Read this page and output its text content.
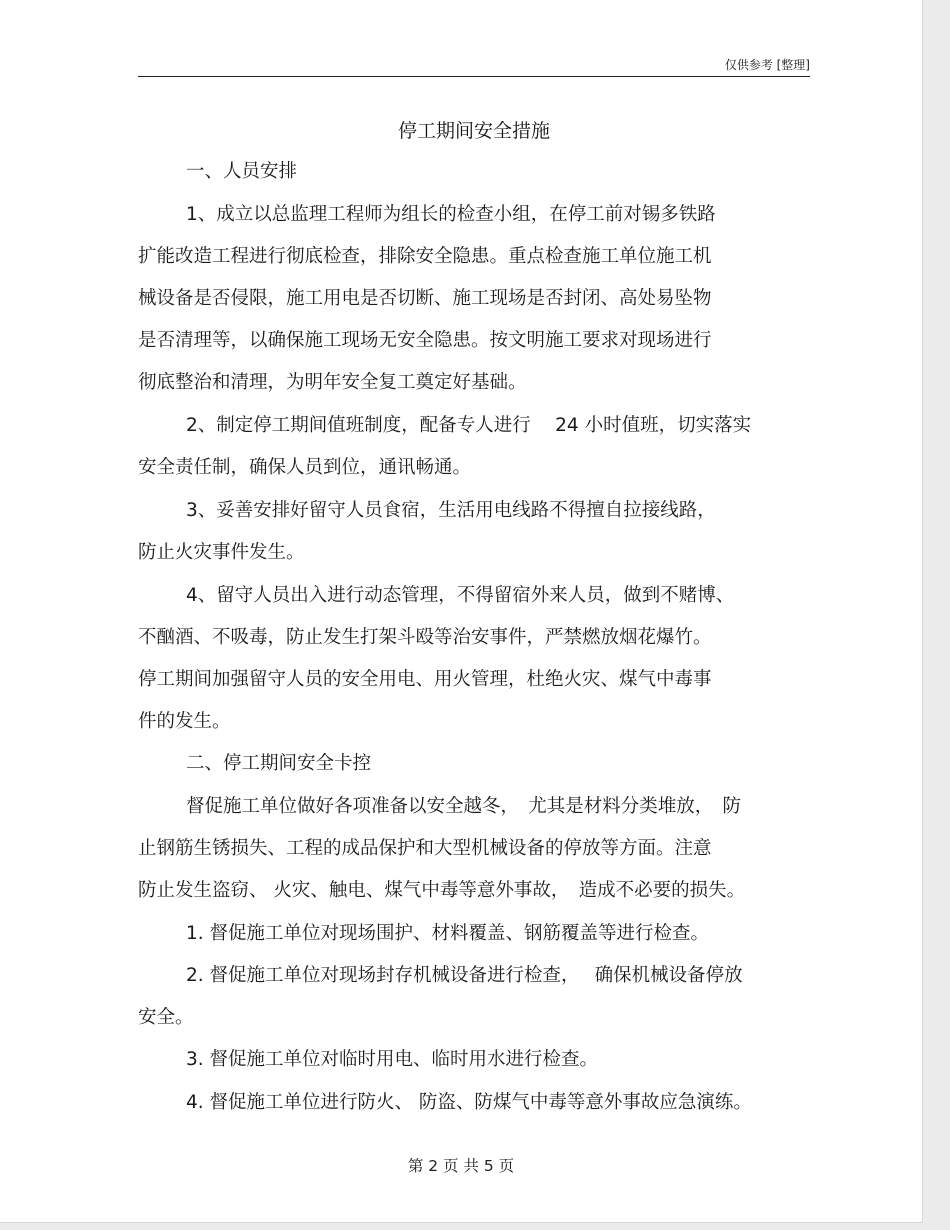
仅供参考 [整理]
停工期间安全措施
一、人员安排
1、成立以总监理工程师为组长的检查小组，在停工前对锡多铁路
扩能改造工程进行彻底检查，排除安全隐患。重点检查施工单位施工机
械设备是否侵限，施工用电是否切断、施工现场是否封闭、高处易坠物
是否清理等，以确保施工现场无安全隐患。按文明施工要求对现场进行
彻底整治和清理，为明年安全复工奠定好基础。
2、制定停工期间值班制度，配备专人进行　 24 小时值班，切实落实
安全责任制，确保人员到位，通讯畅通。
3、妥善安排好留守人员食宿，生活用电线路不得擅自拉接线路，
防止火灾事件发生。
4、留守人员出入进行动态管理，不得留宿外来人员，做到不赌博、
不酗酒、不吸毒，防止发生打架斗殴等治安事件，严禁燃放烟花爆竹。
停工期间加强留守人员的安全用电、用火管理，杜绝火灾、煤气中毒事
件的发生。
二、停工期间安全卡控
督促施工单位做好各项准备以安全越冬，　尤其是材料分类堆放，　防
止钢筋生锈损失、工程的成品保护和大型机械设备的停放等方面。注意
防止发生盗窃、 火灾、触电、煤气中毒等意外事故，　造成不必要的损失。
1. 督促施工单位对现场围护、材料覆盖、钢筋覆盖等进行检查。
2. 督促施工单位对现场封存机械设备进行检查，　 确保机械设备停放
安全。
3. 督促施工单位对临时用电、临时用水进行检查。
4. 督促施工单位进行防火、 防盗、防煤气中毒等意外事故应急演练。
第 2 页 共 5 页
